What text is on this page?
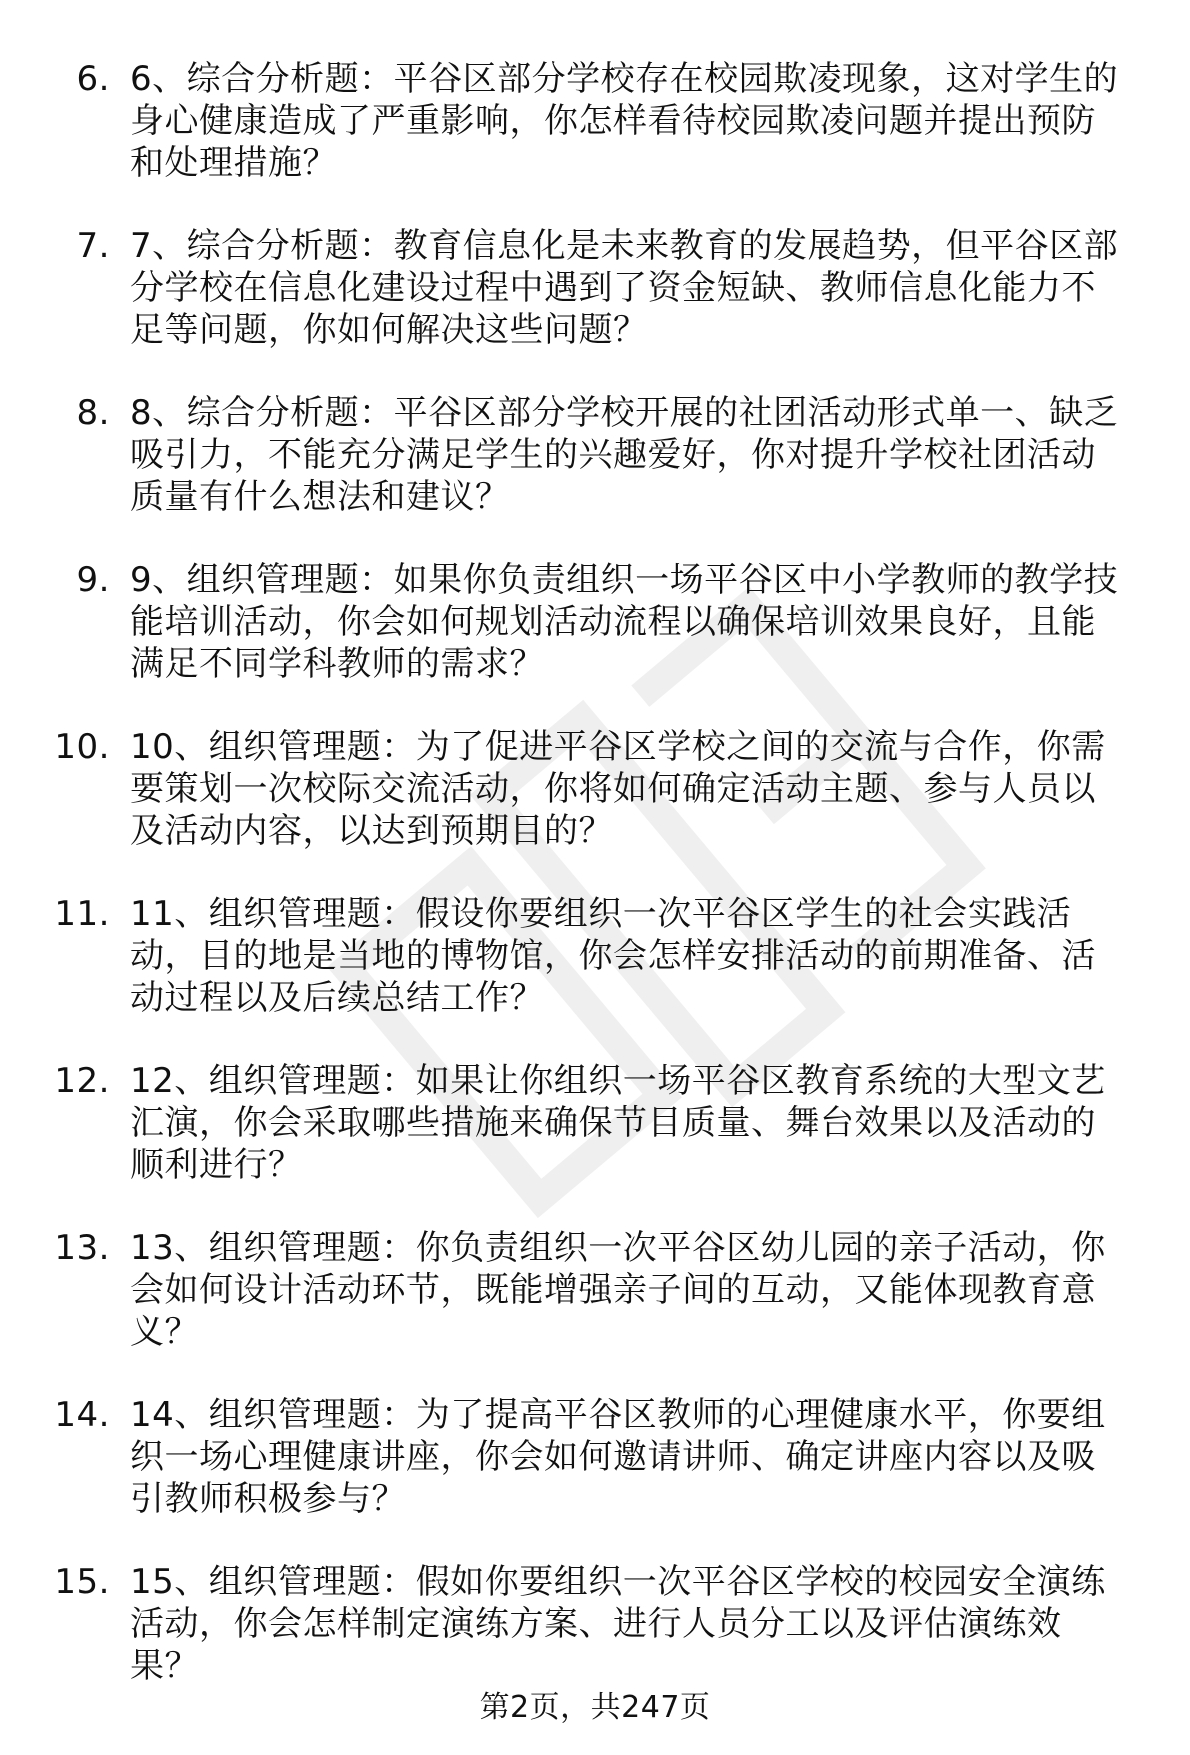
6. 6、综合分析题：平谷区部分学校存在校园欺凌现象，这对学生的身心健康造成了严重影响，你怎样看待校园欺凌问题并提出预防和处理措施？
7. 7、综合分析题：教育信息化是未来教育的发展趋势，但平谷区部分学校在信息化建设过程中遇到了资金短缺、教师信息化能力不足等问题，你如何解决这些问题？
8. 8、综合分析题：平谷区部分学校开展的社团活动形式单一、缺乏吸引力，不能充分满足学生的兴趣爱好，你对提升学校社团活动质量有什么想法和建议？
9. 9、组织管理题：如果你负责组织一场平谷区中小学教师的教学技能培训活动，你会如何规划活动流程以确保培训效果良好，且能满足不同学科教师的需求？
10. 10、组织管理题：为了促进平谷区学校之间的交流与合作，你需要策划一次校际交流活动，你将如何确定活动主题、参与人员以及活动内容，以达到预期目的？
11. 11、组织管理题：假设你要组织一次平谷区学生的社会实践活动，目的地是当地的博物馆，你会怎样安排活动的前期准备、活动过程以及后续总结工作？
12. 12、组织管理题：如果让你组织一场平谷区教育系统的大型文艺汇演，你会采取哪些措施来确保节目质量、舞台效果以及活动的顺利进行？
13. 13、组织管理题：你负责组织一次平谷区幼儿园的亲子活动，你会如何设计活动环节，既能增强亲子间的互动，又能体现教育意义？
14. 14、组织管理题：为了提高平谷区教师的心理健康水平，你要组织一场心理健康讲座，你会如何邀请讲师、确定讲座内容以及吸引教师积极参与？
15. 15、组织管理题：假如你要组织一次平谷区学校的校园安全演练活动，你会怎样制定演练方案、进行人员分工以及评估演练效果？
第2页，共247页
